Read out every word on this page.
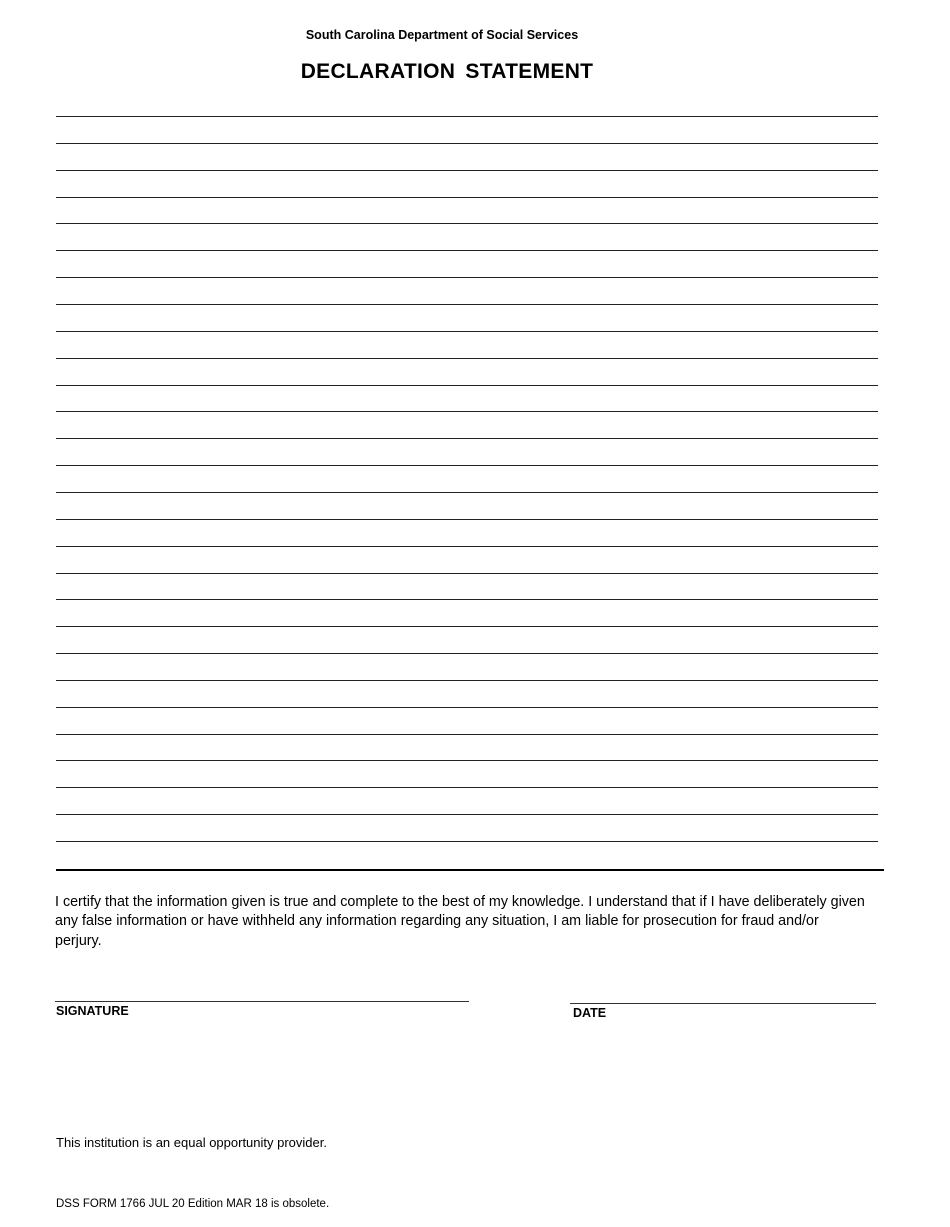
South Carolina Department of Social Services
DECLARATION STATEMENT
I certify that the information given is true and complete to the best of my knowledge. I understand that if I have deliberately given any false information or have withheld any information regarding any situation, I am liable for prosecution for fraud and/or perjury.
SIGNATURE	DATE
This institution is an equal opportunity provider.
DSS FORM 1766 JUL 20 Edition MAR 18 is obsolete.
